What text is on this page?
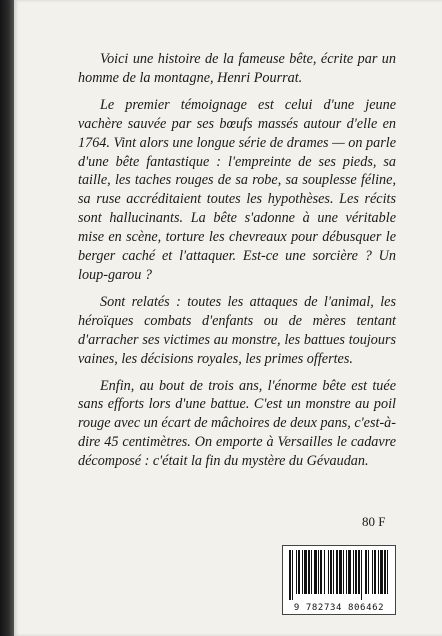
Voici une histoire de la fameuse bête, écrite par un homme de la montagne, Henri Pourrat.

Le premier témoignage est celui d'une jeune vachère sauvée par ses bœufs massés autour d'elle en 1764. Vint alors une longue série de drames — on parle d'une bête fantastique : l'empreinte de ses pieds, sa taille, les taches rouges de sa robe, sa souplesse féline, sa ruse accréditaient toutes les hypothèses. Les récits sont hallucinants. La bête s'adonne à une véritable mise en scène, torture les chevreaux pour débusquer le berger caché et l'attaquer. Est-ce une sorcière ? Un loup-garou ?

Sont relatés : toutes les attaques de l'animal, les héroïques combats d'enfants ou de mères tentant d'arracher ses victimes au monstre, les battues toujours vaines, les décisions royales, les primes offertes.

Enfin, au bout de trois ans, l'énorme bête est tuée sans efforts lors d'une battue. C'est un monstre au poil rouge avec un écart de mâchoires de deux pans, c'est-à-dire 45 centimètres. On emporte à Versailles le cadavre décomposé : c'était la fin du mystère du Gévaudan.

80 F
9 782734 806462
